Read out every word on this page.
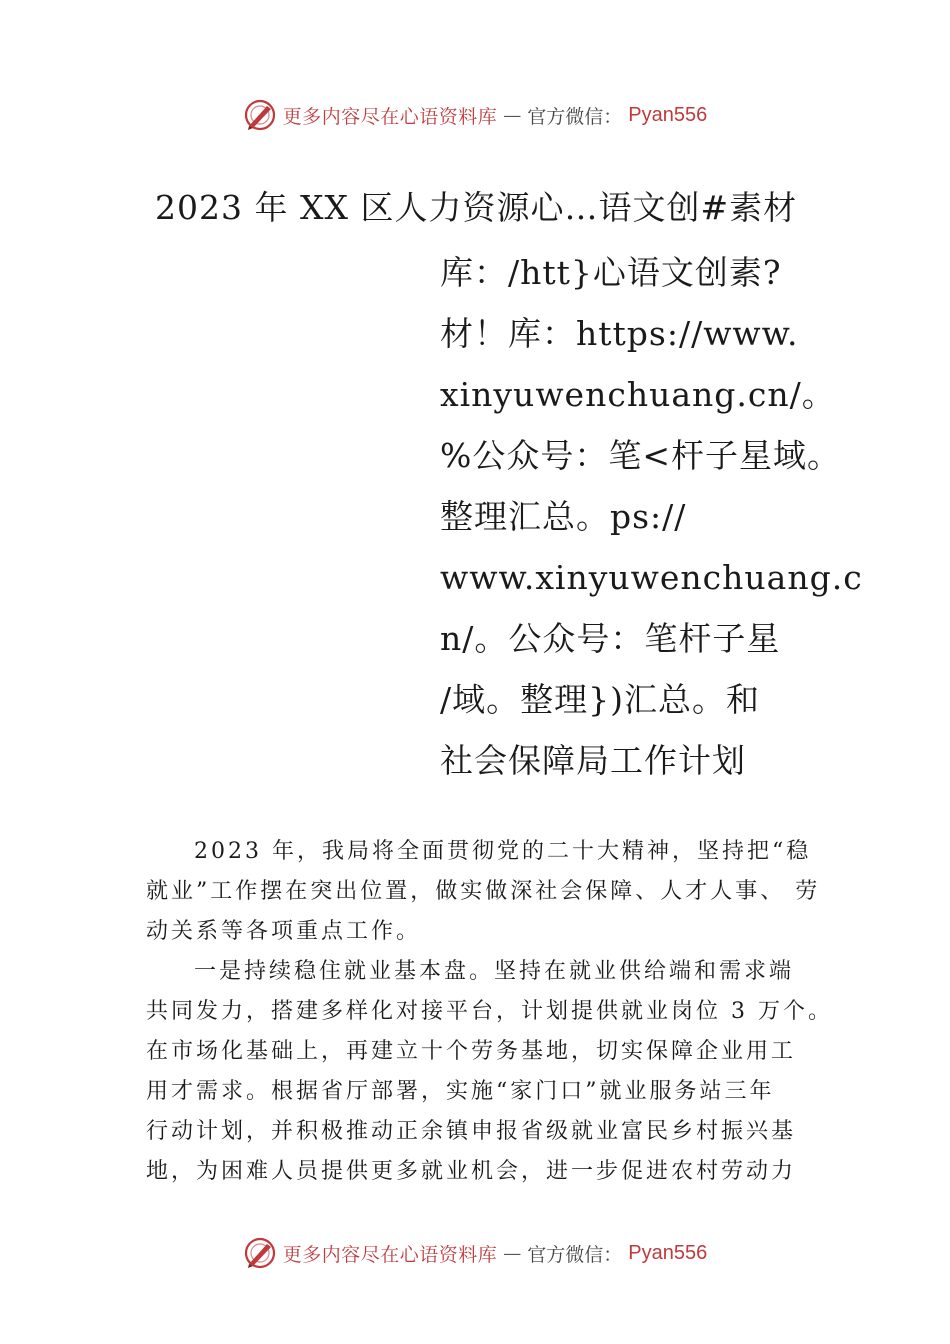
更多内容尽在心语资料库 — 官方微信： Pyan556
2023 年 XX 区人力资源心…语文创#素材
库：/htt}心语文创素?
材！库：https://www.
xinyuwenchuang.cn/。
%公众号：笔<杆子星域。
整理汇总。ps://
www.xinyuwenchuang.c
n/。公众号：笔杆子星
/域。整理})汇总。和
社会保障局工作计划
2023 年，我局将全面贯彻党的二十大精神，坚持把“稳
就业”工作摆在突出位置，做实做深社会保障、人才人事、 劳
动关系等各项重点工作。
一是持续稳住就业基本盘。坚持在就业供给端和需求端
共同发力，搭建多样化对接平台，计划提供就业岗位 3 万个。
在市场化基础上，再建立十个劳务基地，切实保障企业用工
用才需求。根据省厅部署，实施“家门口”就业服务站三年
行动计划，并积极推动正余镇申报省级就业富民乡村振兴基
地，为困难人员提供更多就业机会，进一步促进农村劳动力
更多内容尽在心语资料库 — 官方微信： Pyan556
